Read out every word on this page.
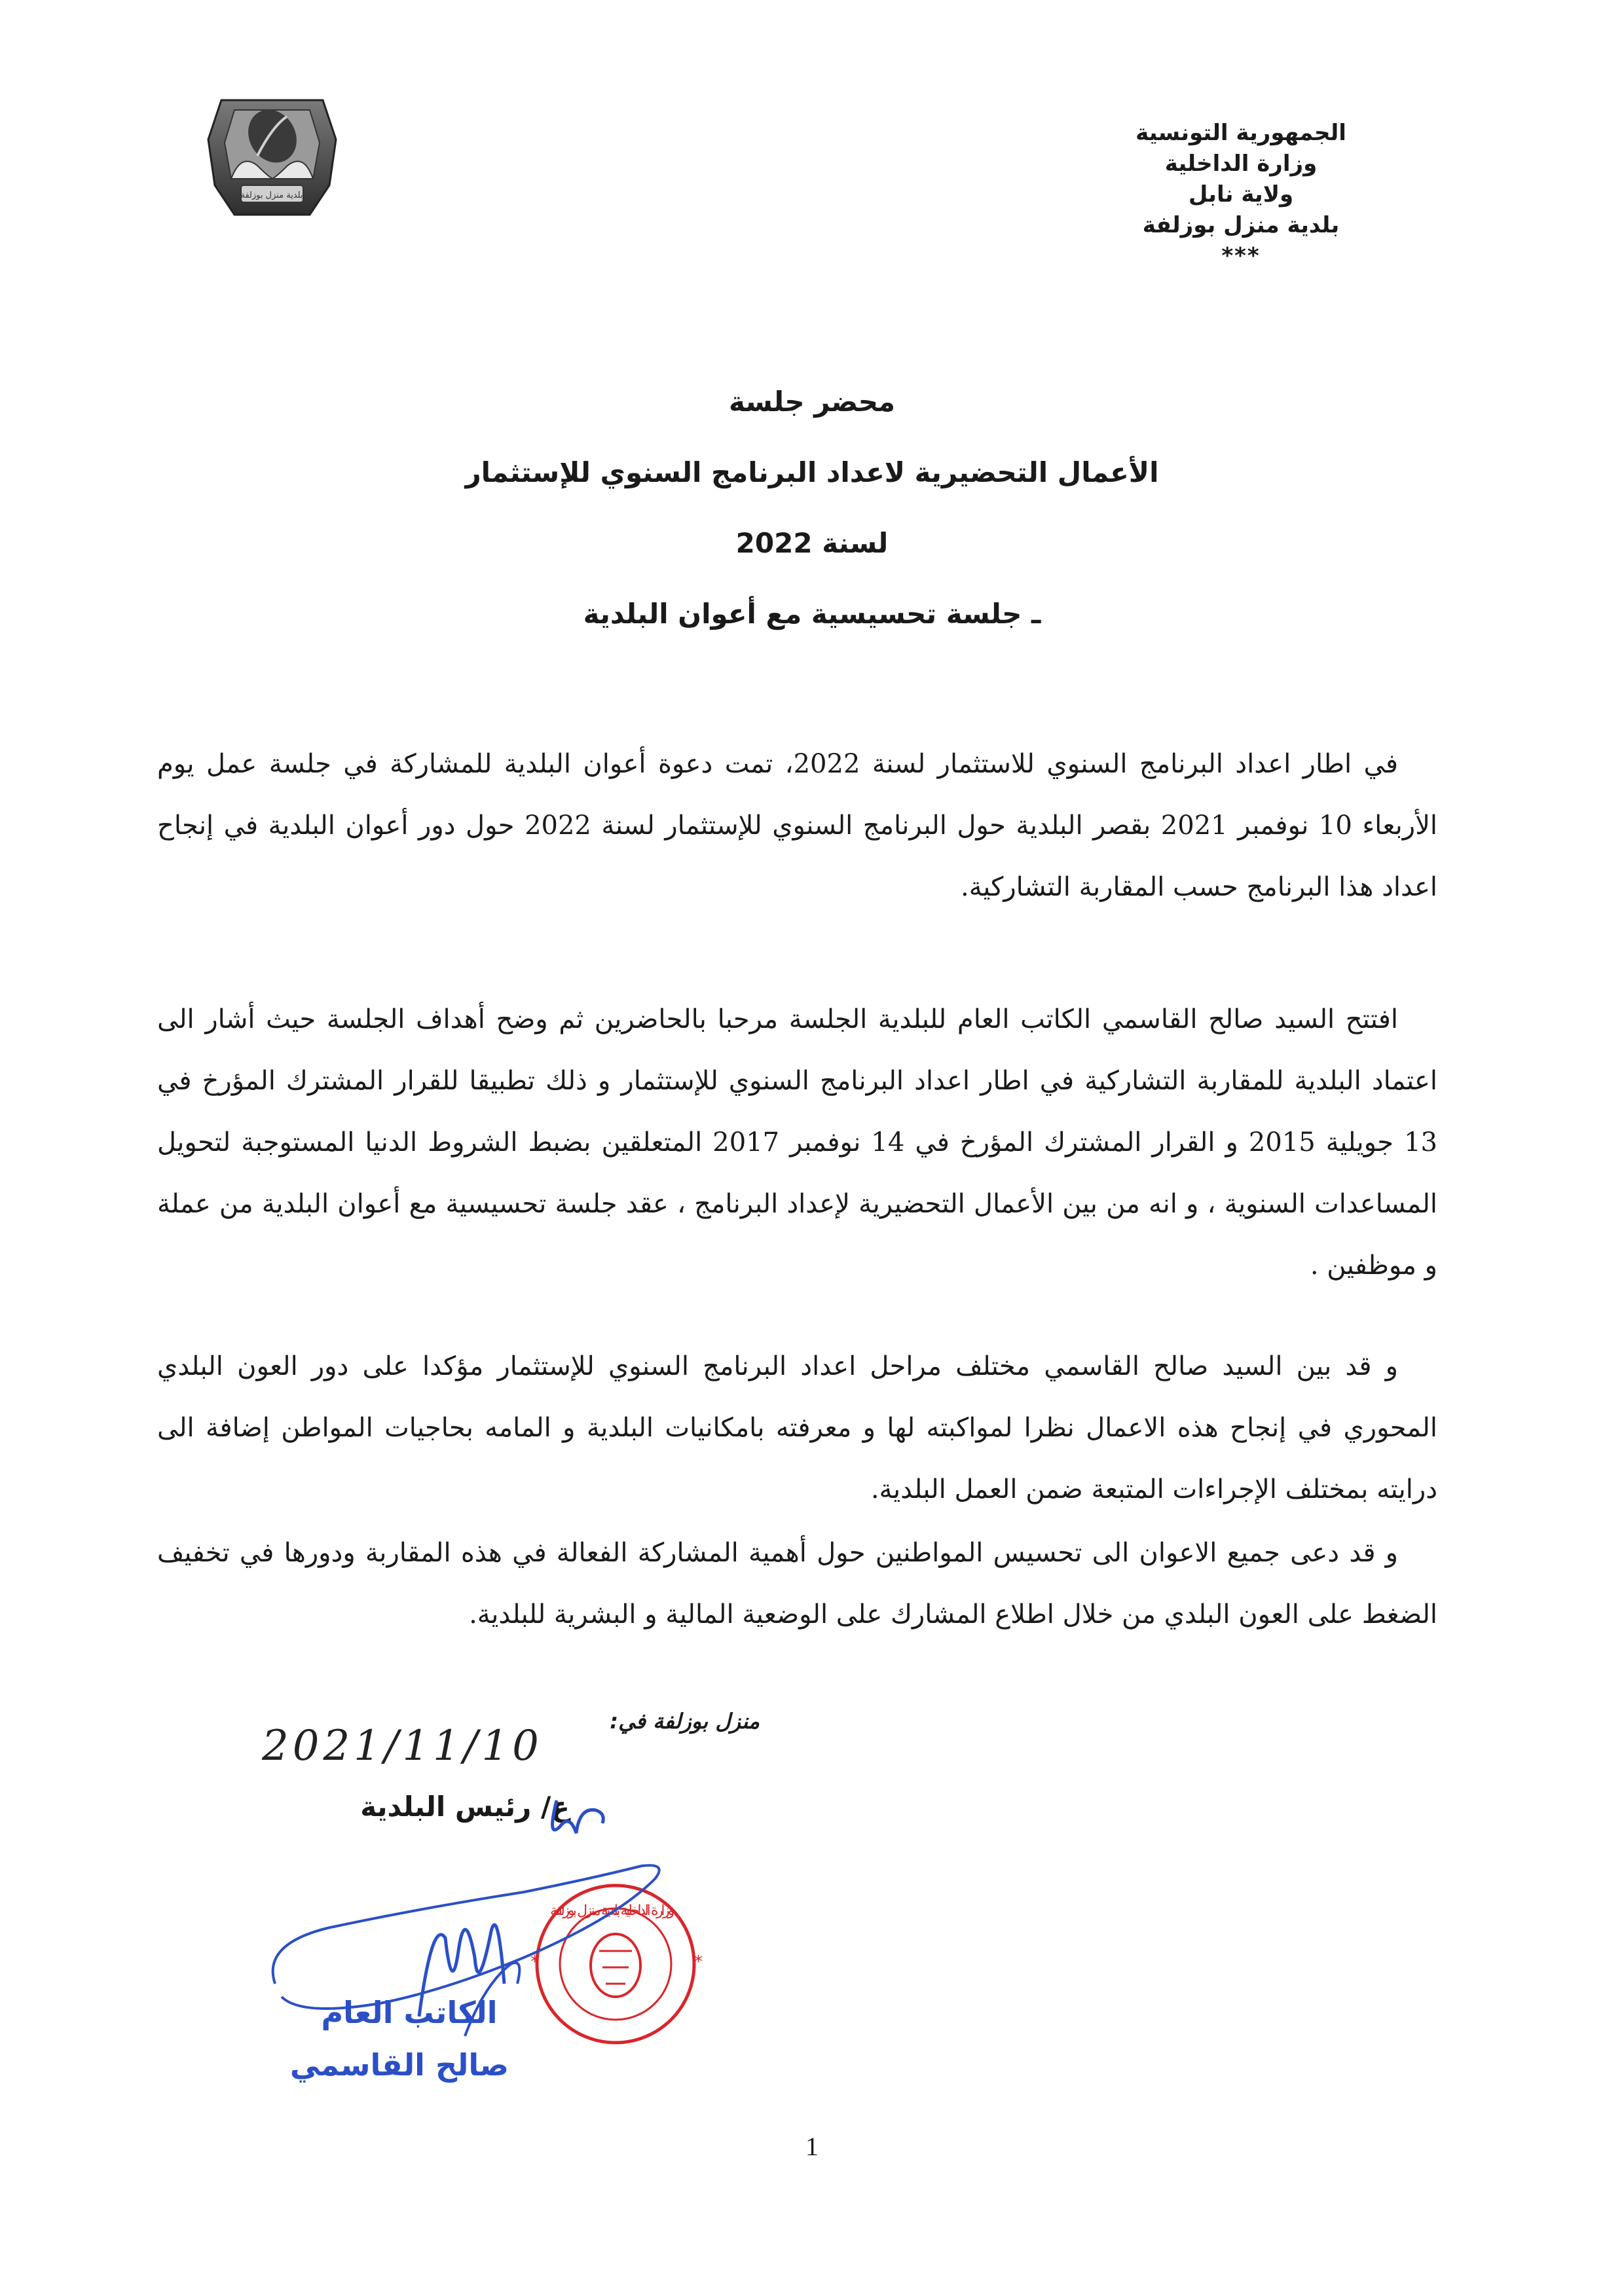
الجمهورية التونسية
وزارة الداخلية
ولاية نابل
بلدية منزل بوزلفة
***
بلدية منزل بوزلفة
محضر جلسة
الأعمال التحضيرية لاعداد البرنامج السنوي للإستثمار
لسنة 2022
ـ جلسة تحسيسية مع أعوان البلدية

في اطار اعداد البرنامج السنوي للاستثمار لسنة 2022، تمت دعوة أعوان البلدية للمشاركة في جلسة عمل يوم الأربعاء 10 نوفمبر 2021 بقصر البلدية حول البرنامج السنوي للإستثمار لسنة 2022 حول دور أعوان البلدية في إنجاح اعداد هذا البرنامج حسب المقاربة التشاركية.

افتتح السيد صالح القاسمي الكاتب العام للبلدية الجلسة مرحبا بالحاضرين ثم وضح أهداف الجلسة حيث أشار الى اعتماد البلدية للمقاربة التشاركية في اطار اعداد البرنامج السنوي للإستثمار و ذلك تطبيقا للقرار المشترك المؤرخ في 13 جويلية 2015 و القرار المشترك المؤرخ في 14 نوفمبر 2017 المتعلقين بضبط الشروط الدنيا المستوجبة لتحويل المساعدات السنوية ، و انه من بين الأعمال التحضيرية لإعداد البرنامج ، عقد جلسة تحسيسية مع أعوان البلدية من عملة و موظفين .

و قد بين السيد صالح القاسمي مختلف مراحل اعداد البرنامج السنوي للإستثمار مؤكدا على دور العون البلدي المحوري في إنجاح هذه الاعمال نظرا لمواكبته لها و معرفته بامكانيات البلدية و المامه بحاجيات المواطن إضافة الى درايته بمختلف الإجراءات المتبعة ضمن العمل البلدية.

و قد دعى جميع الاعوان الى تحسيس المواطنين حول أهمية المشاركة الفعالة في هذه المقاربة ودورها في تخفيف الضغط على العون البلدي من خلال اطلاع المشارك على الوضعية المالية و البشرية للبلدية.

منزل بوزلفة في:
2021/11/10
ع/ رئيس البلدية
وزارة الداخلية بلدية منزل بوزلفة
*
*
الكاتب العام
صالح القاسمي
1
